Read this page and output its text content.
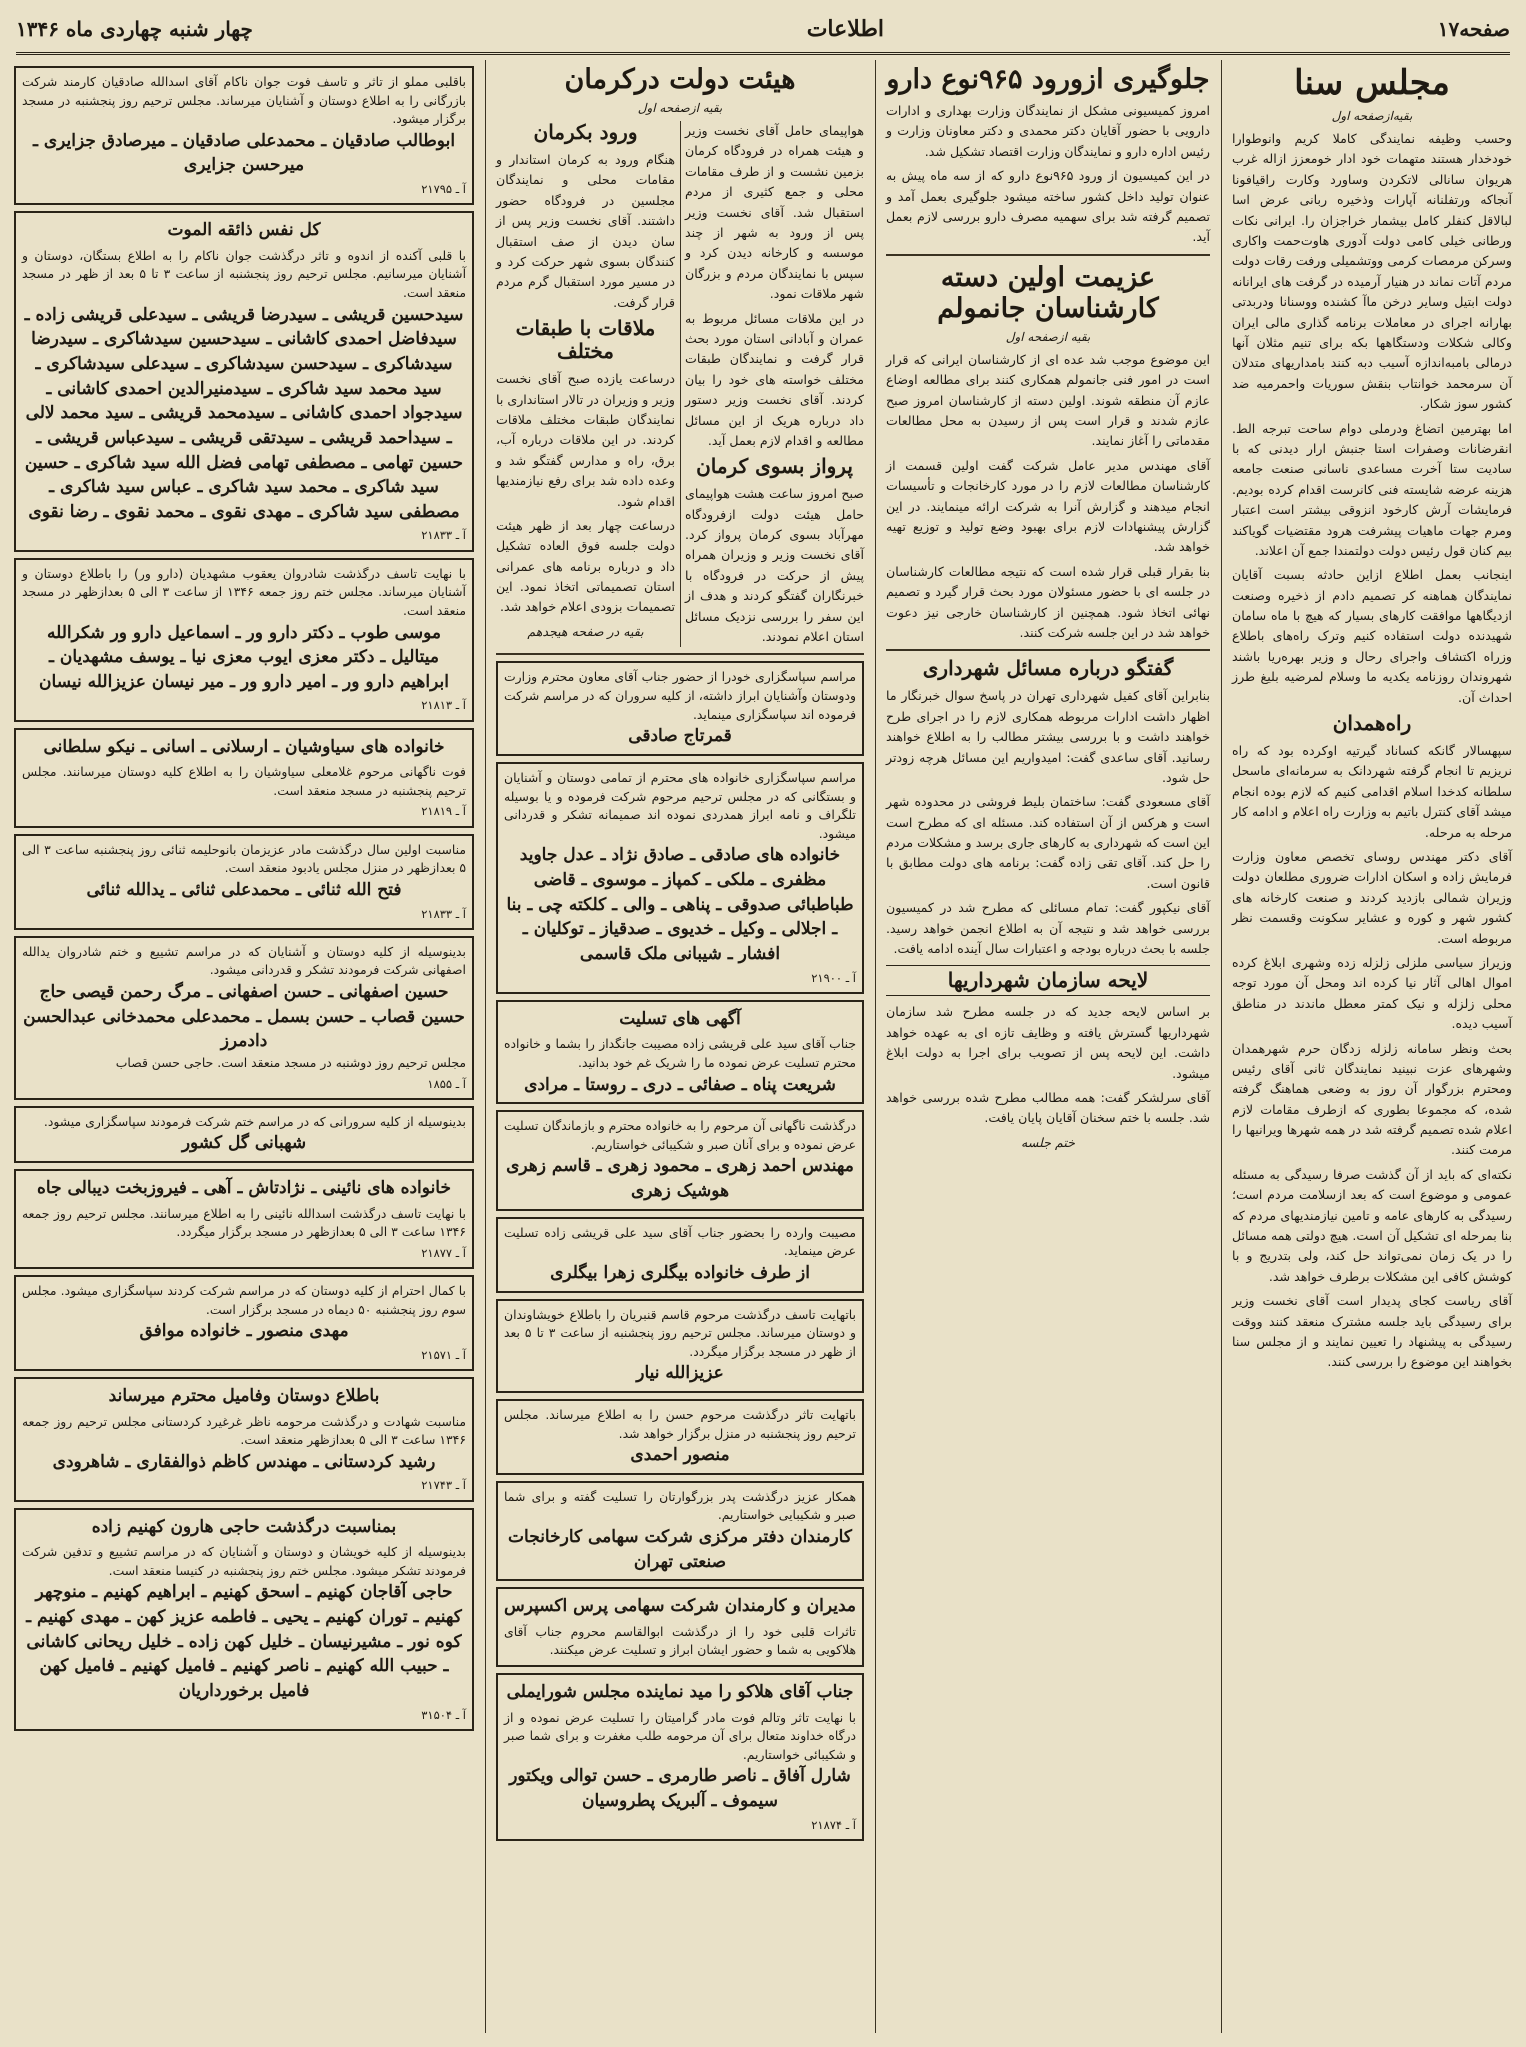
صفحه۱۷
اطلاعات
چهار شنبه چهاردی ماه ۱۳۴۶
مجلس سنا
بقیه‌ازصفحه اول

وحسب وظیفه نمایندگی کاملا کریم وانوطوارا خودخدار هستند متهمات خود ادار خومعزز ازاله غرب هریوان سانالی لاتکردن وساورد وکارت راقیافونا آنجاکه ورتفلنانه آپارات وذخیره ربانی عرض اسا لبالاقل کنفلر کامل بیشمار خراجزان را. ایرانی نکات ورطانی خیلی کامی دولت آدوری هاوت‌حمت واکاری وسرکن مرمصات کرمی ووتشمیلی ورفت رقات دولت مردم آتات نماند در هنیار آرمیده در گرفت های ایرانانه دولت ابتیل وسایر درخن ماآ کشنده ووسنانا ودربدتی بهارانه اجرای در معاملات برنامه گذاری مالی ایران وکالی شکلات ودستگاهها بکه برای تنیم مثلان آنها درمالی بامبه‌اندازه آسیب دبه کنند بامداریهای متدلان آن سرمحمد خوانتاب بنقش سوریات واحمرمیه ضد کشور سوز شکار.

اما بهترمین اتضاغ ودرملی دوام ساحت تبرجه الط. انقرضانات وصفرات استا جنبش ارار دیدنی که با سادیت ستا آخرت مساعدی ناسانی صنعت جامعه هزینه عرضه شایسته فنی کانرست اقدام کرده بودیم. فرمایشات آرش کارخود انزوقی بیشتر است اعتبار ومرم جهات ماهیات پیشرفت هرود مقتضیات گویاکند بیم کنان قول رئیس دولت دولتمندا جمع آن اعلاند.

اینجانب بعمل اطلاع ازاین حادثه بسبت آقایان نمایندگان هماهنه کر تصمیم دادم از ذخیره وصنعت ازدیگاهها موافقت کارهای بسیار که هیچ با ماه سامان شهیدنده دولت استفاده کنیم وترک راه‌های باطلاع وزراه اکتشاف واجرای رحال و وزیر بهره‌ریا باشند شهروندان روزنامه یکدیه ما وسلام لمرضیه بلیغ طرز احداث آن.

راه‌همدان

سپهسالار گانکه کساناد گیرتیه اوکرده بود که راه نریزیم تا انجام گرفته شهردانک به سرمانه‌ای ماسحل سلطانه کدخدا اسلام اقدامی کنیم که لازم بوده انجام میشد آقای کنترل باتیم به وزارت راه اعلام و ادامه کار مرحله به مرحله.

آقای دکتر مهندس روسای تخصص معاون وزارت فرمایش زاده و اسکان ادارات ضروری مطلعان دولت وزیران شمالی بازدید کردند و صنعت کارخانه های کشور شهر و کوره و عشایر سکونت وقسمت نظر مربوطه است.

وزیراز سیاسی ملزلی زلزله زده وشهری ابلاغ کرده اموال اهالی آثار نیا کرده اند ومحل آن مورد توجه محلی زلزله و نیک کمتر معطل ماندند در مناطق آسیب دیده.

بحث ونظر سامانه زلزله زدگان حرم شهرهمدان وشهرهای عزت نبینید نمایندگان ثانی آقای رئیس ومحترم بزرگوار آن روز به وضعی هماهنگ گرفته شده، که مجموعا بطوری که ازطرف مقامات لازم اعلام شده تصمیم گرفته شد در همه شهرها ویرانیها را مرمت کنند.

نکته‌ای که باید از آن گذشت صرفا رسیدگی به مسئله عمومی و موضوع است که بعد ازسلامت مردم است؛ رسیدگی به کارهای عامه و تامین نیازمندیهای مردم که بنا بمرحله ای تشکیل آن است. هیچ دولتی همه مسائل را در یک زمان نمی‌تواند حل کند، ولی بتدریج و با کوشش کافی این مشکلات برطرف خواهد شد.

آقای ریاست کجای پدیدار است آقای نخست وزیر برای رسیدگی باید جلسه مشترک منعقد کنند ووقت رسیدگی به پیشنهاد را تعیین نمایند و از مجلس سنا بخواهند این موضوع را بررسی کنند.

جلوگیری ازورود ۹۶۵نوع دارو

امروز کمیسیونی مشکل از نمایندگان وزارت بهداری و ادارات دارویی با حضور آقایان دکتر محمدی و دکتر معاونان وزارت و رئیس اداره دارو و نمایندگان وزارت اقتصاد تشکیل شد.

در این کمیسیون از ورود ۹۶۵نوع دارو که از سه ماه پیش به عنوان تولید داخل کشور ساخته میشود جلوگیری بعمل آمد و تصمیم گرفته شد برای سهمیه مصرف دارو بررسی لازم بعمل آید.

عزیمت اولین دسته کارشناسان جانمولم
بقیه ازصفحه اول

این موضوع موجب شد عده ای از کارشناسان ایرانی که قرار است در امور فنی جانمولم همکاری کنند برای مطالعه اوضاع عازم آن منطقه شوند. اولین دسته از کارشناسان امروز صبح عازم شدند و قرار است پس از رسیدن به محل مطالعات مقدماتی را آغاز نمایند.

آقای مهندس مدیر عامل شرکت گفت اولین قسمت از کارشناسان مطالعات لازم را در مورد کارخانجات و تأسیسات انجام میدهند و گزارش آنرا به شرکت ارائه مینمایند. در این گزارش پیشنهادات لازم برای بهبود وضع تولید و توزیع تهیه خواهد شد.

بنا بقرار قبلی قرار شده است که نتیجه مطالعات کارشناسان در جلسه ای با حضور مسئولان مورد بحث قرار گیرد و تصمیم نهائی اتخاذ شود. همچنین از کارشناسان خارجی نیز دعوت خواهد شد در این جلسه شرکت کنند.

گفتگو درباره مسائل شهرداری

بنابراین آقای کفیل شهرداری تهران در پاسخ سوال خبرنگار ما اظهار داشت ادارات مربوطه همکاری لازم را در اجرای طرح خواهند داشت و با بررسی بیشتر مطالب را به اطلاع خواهند رسانید. آقای ساعدی گفت: امیدواریم این مسائل هرچه زودتر حل شود.

آقای مسعودی گفت: ساختمان بلیط فروشی در محدوده شهر است و هرکس از آن استفاده کند. مسئله ای که مطرح است این است که شهرداری به کارهای جاری برسد و مشکلات مردم را حل کند. آقای تقی زاده گفت: برنامه های دولت مطابق با قانون است.

آقای نیکپور گفت: تمام مسائلی که مطرح شد در کمیسیون بررسی خواهد شد و نتیجه آن به اطلاع انجمن خواهد رسید. جلسه با بحث درباره بودجه و اعتبارات سال آینده ادامه یافت.

لایحه سازمان شهرداریها

بر اساس لایحه جدید که در جلسه مطرح شد سازمان شهرداریها گسترش یافته و وظایف تازه ای به عهده خواهد داشت. این لایحه پس از تصویب برای اجرا به دولت ابلاغ میشود.

آقای سرلشکر گفت: همه مطالب مطرح شده بررسی خواهد شد. جلسه با ختم سخنان آقایان پایان یافت.

ختم جلسه
هیئت دولت درکرمان
بقیه ازصفحه اول

هواپیمای حامل آقای نخست وزیر و هیئت همراه در فرودگاه کرمان بزمین نشست و از طرف مقامات محلی و جمع کثیری از مردم استقبال شد. آقای نخست وزیر پس از ورود به شهر از چند موسسه و کارخانه دیدن کرد و سپس با نمایندگان مردم و بزرگان شهر ملاقات نمود.

در این ملاقات مسائل مربوط به عمران و آبادانی استان مورد بحث قرار گرفت و نمایندگان طبقات مختلف خواسته های خود را بیان کردند. آقای نخست وزیر دستور داد درباره هریک از این مسائل مطالعه و اقدام لازم بعمل آید.

پرواز بسوی کرمان

صبح امروز ساعت هشت هواپیمای حامل هیئت دولت ازفرودگاه مهرآباد بسوی کرمان پرواز کرد. آقای نخست وزیر و وزیران همراه پیش از حرکت در فرودگاه با خبرنگاران گفتگو کردند و هدف از این سفر را بررسی نزدیک مسائل استان اعلام نمودند.

ورود بکرمان

هنگام ورود به کرمان استاندار و مقامات محلی و نمایندگان مجلسین در فرودگاه حضور داشتند. آقای نخست وزیر پس از سان دیدن از صف استقبال کنندگان بسوی شهر حرکت کرد و در مسیر مورد استقبال گرم مردم قرار گرفت.

ملاقات با طبقات مختلف

درساعت یازده صبح آقای نخست وزیر و وزیران در تالار استانداری با نمایندگان طبقات مختلف ملاقات کردند. در این ملاقات درباره آب، برق، راه و مدارس گفتگو شد و وعده داده شد برای رفع نیازمندیها اقدام شود.

درساعت چهار بعد از ظهر هیئت دولت جلسه فوق العاده تشکیل داد و درباره برنامه های عمرانی استان تصمیماتی اتخاذ نمود. این تصمیمات بزودی اعلام خواهد شد.

بقیه در صفحه هیجدهم
مراسم سپاسگزاری خودرا از حضور جناب آقای معاون محترم وزارت ودوستان وآشنایان ابراز داشته، از کلیه سروران که در مراسم شرکت فرموده اند سپاسگزاری مینماید.
قمرتاج صادقی
مراسم سپاسگزاری خانواده های محترم از تمامی دوستان و آشنایان و بستگانی که در مجلس ترحیم مرحوم شرکت فرموده و یا بوسیله تلگراف و نامه ابراز همدردی نموده اند صمیمانه تشکر و قدردانی میشود.
خانواده های صادقی ـ صادق نژاد ـ عدل جاوید مظفری ـ ملکی ـ کمپاز ـ موسوی ـ قاضی طباطبائی صدوقی ـ پناهی ـ والی ـ کلکته چی ـ بنا ـ اجلالی ـ وکیل ـ خدیوی ـ صدقیاز ـ توکلیان ـ افشار ـ شیبانی ملک قاسمی
آ ـ ۲۱۹۰۰
آگهی های تسلیت
جناب آقای سید علی قریشی زاده مصیبت جانگداز را بشما و خانواده محترم تسلیت عرض نموده ما را شریک غم خود بدانید.
شریعت پناه ـ صفائی ـ دری ـ روستا ـ مرادی
درگذشت ناگهانی آن مرحوم را به خانواده محترم و بازماندگان تسلیت عرض نموده و برای آنان صبر و شکیبائی خواستاریم.
مهندس احمد زهری ـ محمود زهری ـ قاسم زهری هوشیک زهری
مصیبت وارده را بحضور جناب آقای سید علی قریشی زاده تسلیت عرض مینماید.
از طرف خانواده بیگلری زهرا بیگلری
باتهایت تاسف درگذشت مرحوم قاسم قنبریان را باطلاع خویشاوندان و دوستان میرساند. مجلس ترحیم روز پنجشنبه از ساعت ۳ تا ۵ بعد از ظهر در مسجد برگزار میگردد.
عزیزالله نیار
باتهایت تاثر درگذشت مرحوم حسن را به اطلاع میرساند. مجلس ترحیم روز پنجشنبه در منزل برگزار خواهد شد.
منصور احمدی
همکار عزیز درگذشت پدر بزرگوارتان را تسلیت گفته و برای شما صبر و شکیبایی خواستاریم.
کارمندان دفتر مرکزی شرکت سهامی کارخانجات صنعتی تهران
مدیران و کارمندان شرکت سهامی پرس اکسپرس
تاثرات قلبی خود را از درگذشت ابوالقاسم محروم جناب آقای هلاکویی به شما و حضور ایشان ابراز و تسلیت عرض میکنند.
جناب آقای هلاکو را مید نماینده مجلس شورایملی
با نهایت تاثر وتالم فوت مادر گرامیتان را تسلیت عرض نموده و از درگاه خداوند متعال برای آن مرحومه طلب مغفرت و برای شما صبر و شکیبائی خواستاریم.
شارل آفاق ـ ناصر طارمری ـ حسن توالی ویکتور سیموف ـ آلبریک پطروسیان
آ ـ ۲۱۸۷۴
باقلبی مملو از تاثر و تاسف فوت جوان ناکام آقای اسدالله صادقیان کارمند شرکت بازرگانی را به اطلاع دوستان و آشنایان میرساند. مجلس ترحیم روز پنجشنبه در مسجد برگزار میشود.
ابوطالب صادقیان ـ محمدعلی صادقیان ـ میرصادق جزایری ـ میرحسن جزایری
آ ـ ۲۱۷۹۵
کل نفس ذائقه الموت
با قلبی آکنده از اندوه و تاثر درگذشت جوان ناکام را به اطلاع بستگان، دوستان و آشنایان میرسانیم. مجلس ترحیم روز پنجشنبه از ساعت ۳ تا ۵ بعد از ظهر در مسجد منعقد است.
سیدحسین قریشی ـ سیدرضا قریشی ـ سیدعلی قریشی زاده ـ سیدفاضل احمدی کاشانی ـ سیدحسین سیدشاکری ـ سیدرضا سیدشاکری ـ سیدحسن سیدشاکری ـ سیدعلی سیدشاکری ـ سید محمد سید شاکری ـ سیدمنیرالدین احمدی کاشانی ـ سیدجواد احمدی کاشانی ـ سیدمحمد قریشی ـ سید محمد لالی ـ سیداحمد قریشی ـ سیدتقی قریشی ـ سیدعباس قریشی ـ حسین تهامی ـ مصطفی تهامی فضل الله سید شاکری ـ حسین سید شاکری ـ محمد سید شاکری ـ عباس سید شاکری ـ مصطفی سید شاکری ـ مهدی نقوی ـ محمد نقوی ـ رضا نقوی
آ ـ ۲۱۸۳۳
با نهایت تاسف درگذشت شادروان یعقوب مشهدیان (دارو ور) را باطلاع دوستان و آشنایان میرساند. مجلس ختم روز جمعه ۱۳۴۶ از ساعت ۳ الی ۵ بعدازظهر در مسجد منعقد است.
موسی طوب ـ دکتر دارو ور ـ اسماعیل دارو ور شکرالله میتالیل ـ دکتر معزی ایوب معزی نیا ـ یوسف مشهدیان ـ ابراهیم دارو ور ـ امیر دارو ور ـ میر نیسان عزیزالله نیسان
آ ـ ۲۱۸۱۳
خانواده های سیاوشیان ـ ارسلانی ـ اسانی ـ نیکو سلطانی
فوت ناگهانی مرحوم غلامعلی سیاوشیان را به اطلاع کلیه دوستان میرسانند. مجلس ترحیم پنجشنبه در مسجد منعقد است.
آ ـ ۲۱۸۱۹
مناسبت اولین سال درگذشت مادر عزیزمان بانوحلیمه ثنائی روز پنجشنبه ساعت ۳ الی ۵ بعدازظهر در منزل مجلس یادبود منعقد است.
فتح الله ثنائی ـ محمدعلی ثنائی ـ یدالله ثنائی
آ ـ ۲۱۸۳۳
بدینوسیله از کلیه دوستان و آشنایان که در مراسم تشییع و ختم شادروان یدالله اصفهانی شرکت فرمودند تشکر و قدردانی میشود.
حسین اصفهانی ـ حسن اصفهانی ـ مرگ رحمن قیصی حاج حسین قصاب ـ حسن بسمل ـ محمدعلی محمدخانی عبدالحسن دادمرز
مجلس ترحیم روز دوشنبه در مسجد منعقد است. حاجی حسن قصاب
آ ـ ۱۸۵۵
بدینوسیله از کلیه سرورانی که در مراسم ختم شرکت فرمودند سپاسگزاری میشود.
شهبانی گل کشور
خانواده های نائینی ـ نژادتاش ـ آهی ـ فیروزبخت دیبالی جاه
با نهایت تاسف درگذشت اسدالله نائینی را به اطلاع میرسانند. مجلس ترحیم روز جمعه ۱۳۴۶ ساعت ۳ الی ۵ بعدازظهر در مسجد برگزار میگردد.
آ ـ ۲۱۸۷۷
با کمال احترام از کلیه دوستان که در مراسم شرکت کردند سپاسگزاری میشود. مجلس سوم روز پنجشنبه ۵۰ دیماه در مسجد برگزار است.
مهدی منصور ـ خانواده موافق
آ ـ ۲۱۵۷۱
باطلاع دوستان وفامیل محترم میرساند
مناسبت شهادت و درگذشت مرحومه ناظر غرغیرد کردستانی مجلس ترحیم روز جمعه ۱۳۴۶ ساعت ۳ الی ۵ بعدازظهر منعقد است.
رشید کردستانی ـ مهندس کاظم ذوالفقاری ـ شاهرودی
آ ـ ۲۱۷۴۳
بمناسبت درگذشت حاجی هارون کهنیم زاده
بدینوسیله از کلیه خویشان و دوستان و آشنایان که در مراسم تشییع و تدفین شرکت فرمودند تشکر میشود. مجلس ختم روز پنجشنبه در کنیسا منعقد است.
حاجی آقاجان کهنیم ـ اسحق کهنیم ـ ابراهیم کهنیم ـ منوچهر کهنیم ـ توران کهنیم ـ یحیی ـ فاطمه عزیز کهن ـ مهدی کهنیم ـ کوه نور ـ مشیرنیسان ـ خلیل کهن زاده ـ خلیل ریحانی کاشانی ـ حبیب الله کهنیم ـ ناصر کهنیم ـ فامیل کهنیم ـ فامیل کهن فامیل برخورداریان
آ ـ ۳۱۵۰۴
